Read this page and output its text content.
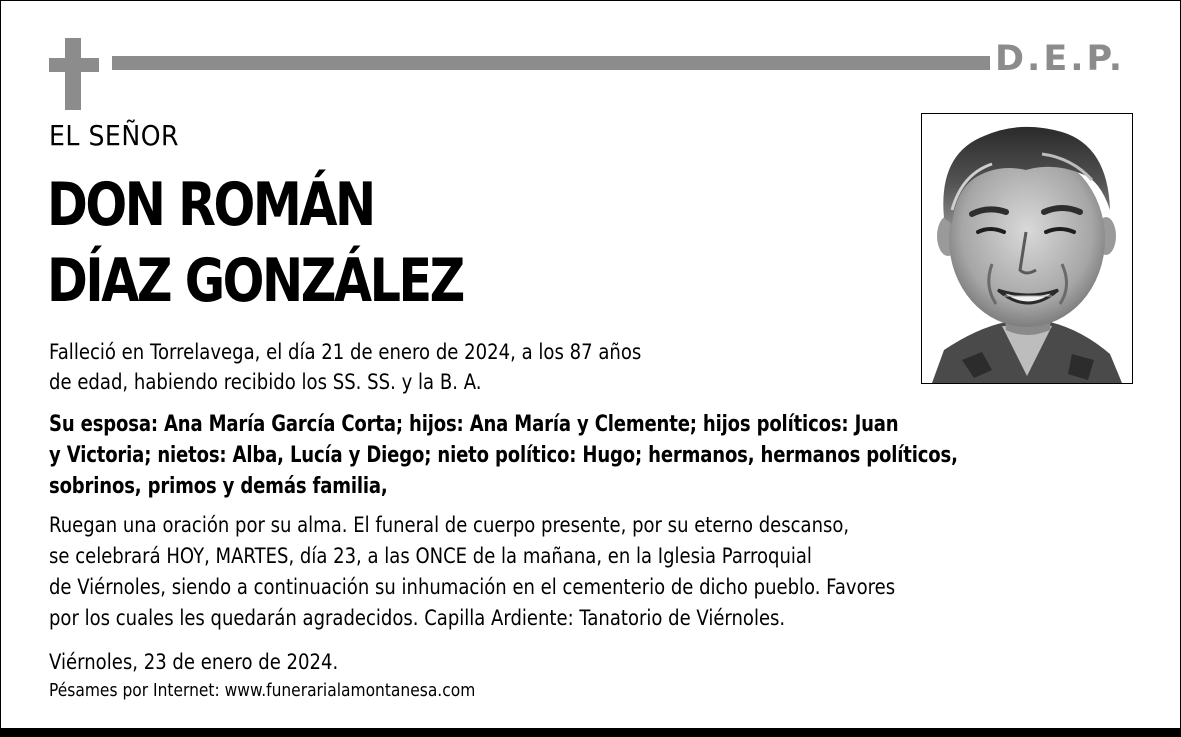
D.E.P.
EL SEÑOR
DON ROMÁN
DÍAZ GONZÁLEZ
Falleció en Torrelavega, el día 21 de enero de 2024, a los 87 años
de edad, habiendo recibido los SS. SS. y la B. A.
Su esposa: Ana María García Corta; hijos: Ana María y Clemente; hijos políticos: Juan
y Victoria; nietos: Alba, Lucía y Diego; nieto político: Hugo; hermanos, hermanos políticos,
sobrinos, primos y demás familia,
Ruegan una oración por su alma. El funeral de cuerpo presente, por su eterno descanso,
se celebrará HOY, MARTES, día 23, a las ONCE de la mañana, en la Iglesia Parroquial
de Viérnoles, siendo a continuación su inhumación en el cementerio de dicho pueblo. Favores
por los cuales les quedarán agradecidos. Capilla Ardiente: Tanatorio de Viérnoles.
Viérnoles, 23 de enero de 2024.
Pésames por Internet: www.funerarialamontanesa.com
